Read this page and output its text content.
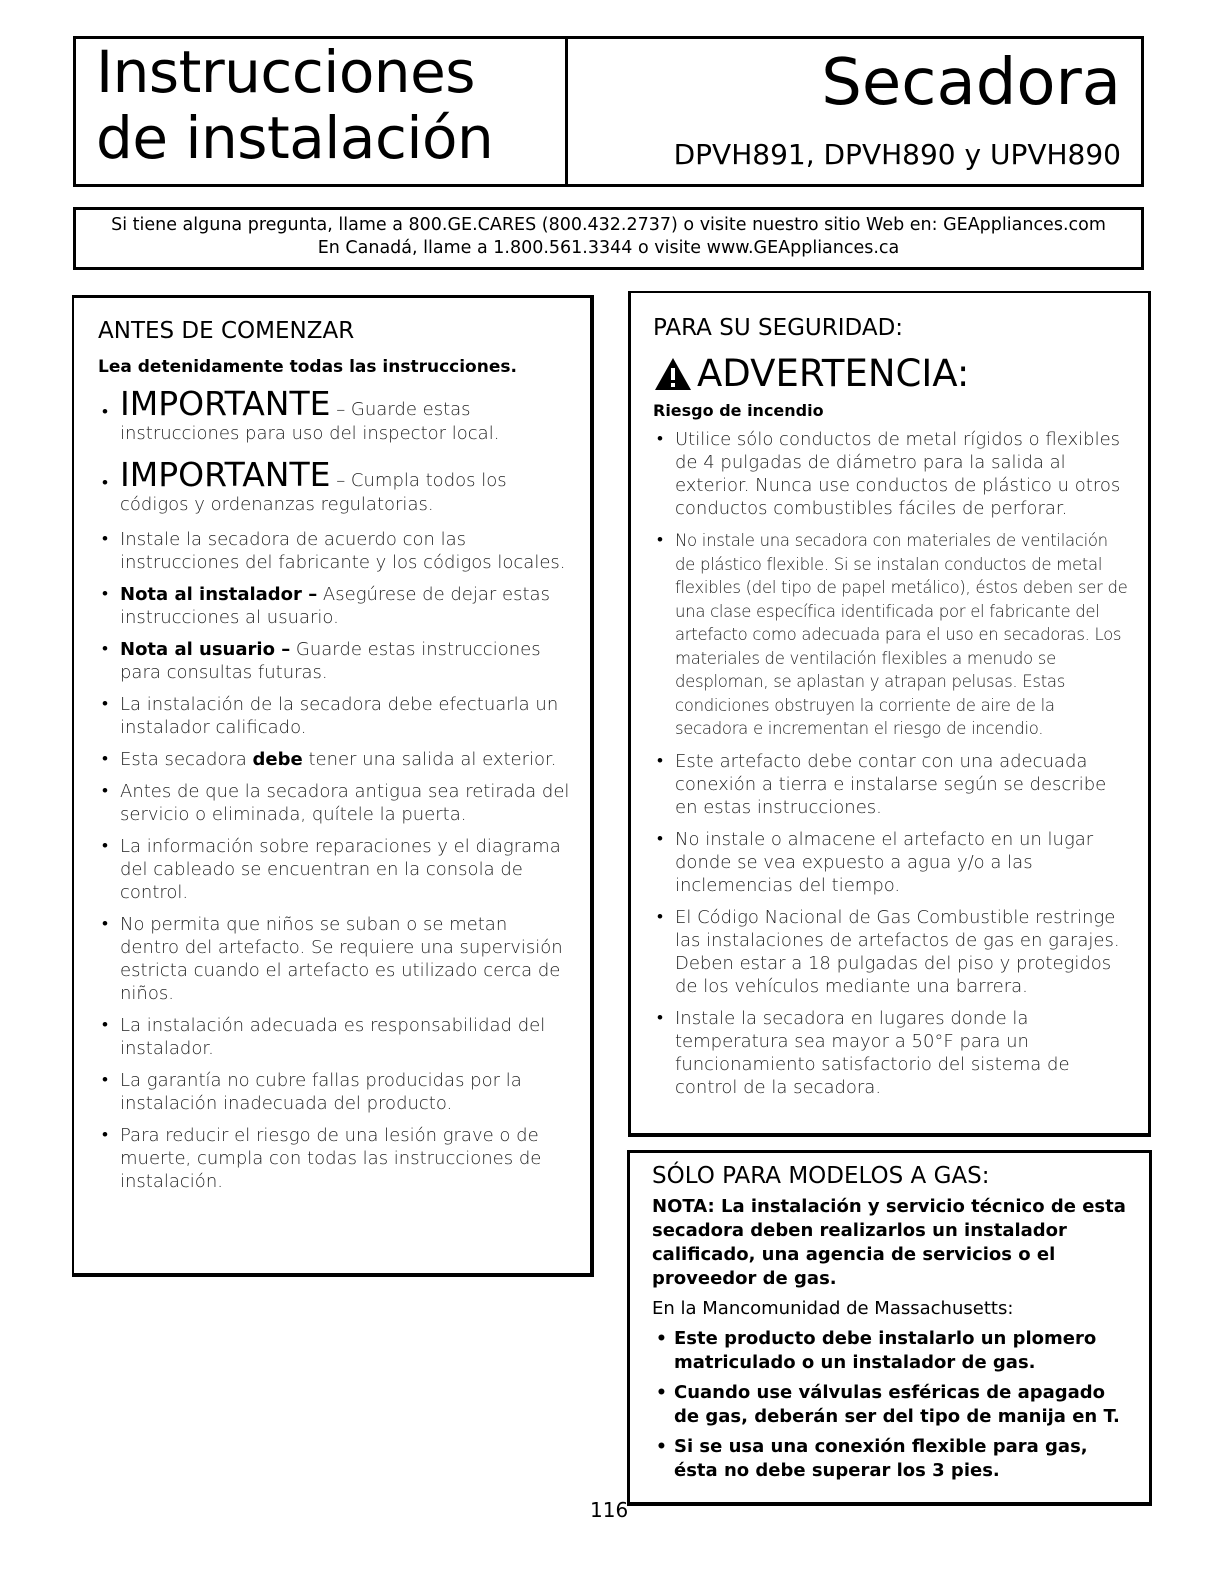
Instrucciones
de instalación
Secadora
DPVH891, DPVH890 y UPVH890
Si tiene alguna pregunta, llame a 800.GE.CARES (800.432.2737) o visite nuestro sitio Web en: GEAppliances.com
En Canadá, llame a 1.800.561.3344 o visite www.GEAppliances.ca
ANTES DE COMENZAR

Lea detenidamente todas las instrucciones.

• IMPORTANTE – Guarde estas instrucciones para uso del inspector local.
• IMPORTANTE – Cumpla todos los códigos y ordenanzas regulatorias.
• Instale la secadora de acuerdo con las instrucciones del fabricante y los códigos locales.
• Nota al instalador – Asegúrese de dejar estas instrucciones al usuario.
• Nota al usuario – Guarde estas instrucciones para consultas futuras.
• La instalación de la secadora debe efectuarla un instalador calificado.
• Esta secadora debe tener una salida al exterior.
• Antes de que la secadora antigua sea retirada del servicio o eliminada, quítele la puerta.
• La información sobre reparaciones y el diagrama del cableado se encuentran en la consola de control.
• No permita que niños se suban o se metan dentro del artefacto. Se requiere una supervisión estricta cuando el artefacto es utilizado cerca de niños.
• La instalación adecuada es responsabilidad del instalador.
• La garantía no cubre fallas producidas por la instalación inadecuada del producto.
• Para reducir el riesgo de una lesión grave o de muerte, cumpla con todas las instrucciones de instalación.
PARA SU SEGURIDAD:
ADVERTENCIA:

Riesgo de incendio

• Utilice sólo conductos de metal rígidos o flexibles de 4 pulgadas de diámetro para la salida al exterior. Nunca use conductos de plástico u otros conductos combustibles fáciles de perforar.
• No instale una secadora con materiales de ventilación de plástico flexible. Si se instalan conductos de metal flexibles (del tipo de papel metálico), éstos deben ser de una clase específica identificada por el fabricante del artefacto como adecuada para el uso en secadoras. Los materiales de ventilación flexibles a menudo se desploman, se aplastan y atrapan pelusas. Estas condiciones obstruyen la corriente de aire de la secadora e incrementan el riesgo de incendio.
• Este artefacto debe contar con una adecuada conexión a tierra e instalarse según se describe en estas instrucciones.
• No instale o almacene el artefacto en un lugar donde se vea expuesto a agua y/o a las inclemencias del tiempo.
• El Código Nacional de Gas Combustible restringe las instalaciones de artefactos de gas en garajes. Deben estar a 18 pulgadas del piso y protegidos de los vehículos mediante una barrera.
• Instale la secadora en lugares donde la temperatura sea mayor a 50°F para un funcionamiento satisfactorio del sistema de control de la secadora.
SÓLO PARA MODELOS A GAS:

NOTA: La instalación y servicio técnico de esta secadora deben realizarlos un instalador calificado, una agencia de servicios o el proveedor de gas.

En la Mancomunidad de Massachusetts:

• Este producto debe instalarlo un plomero matriculado o un instalador de gas.
• Cuando use válvulas esféricas de apagado de gas, deberán ser del tipo de manija en T.
• Si se usa una conexión flexible para gas, ésta no debe superar los 3 pies.
116
